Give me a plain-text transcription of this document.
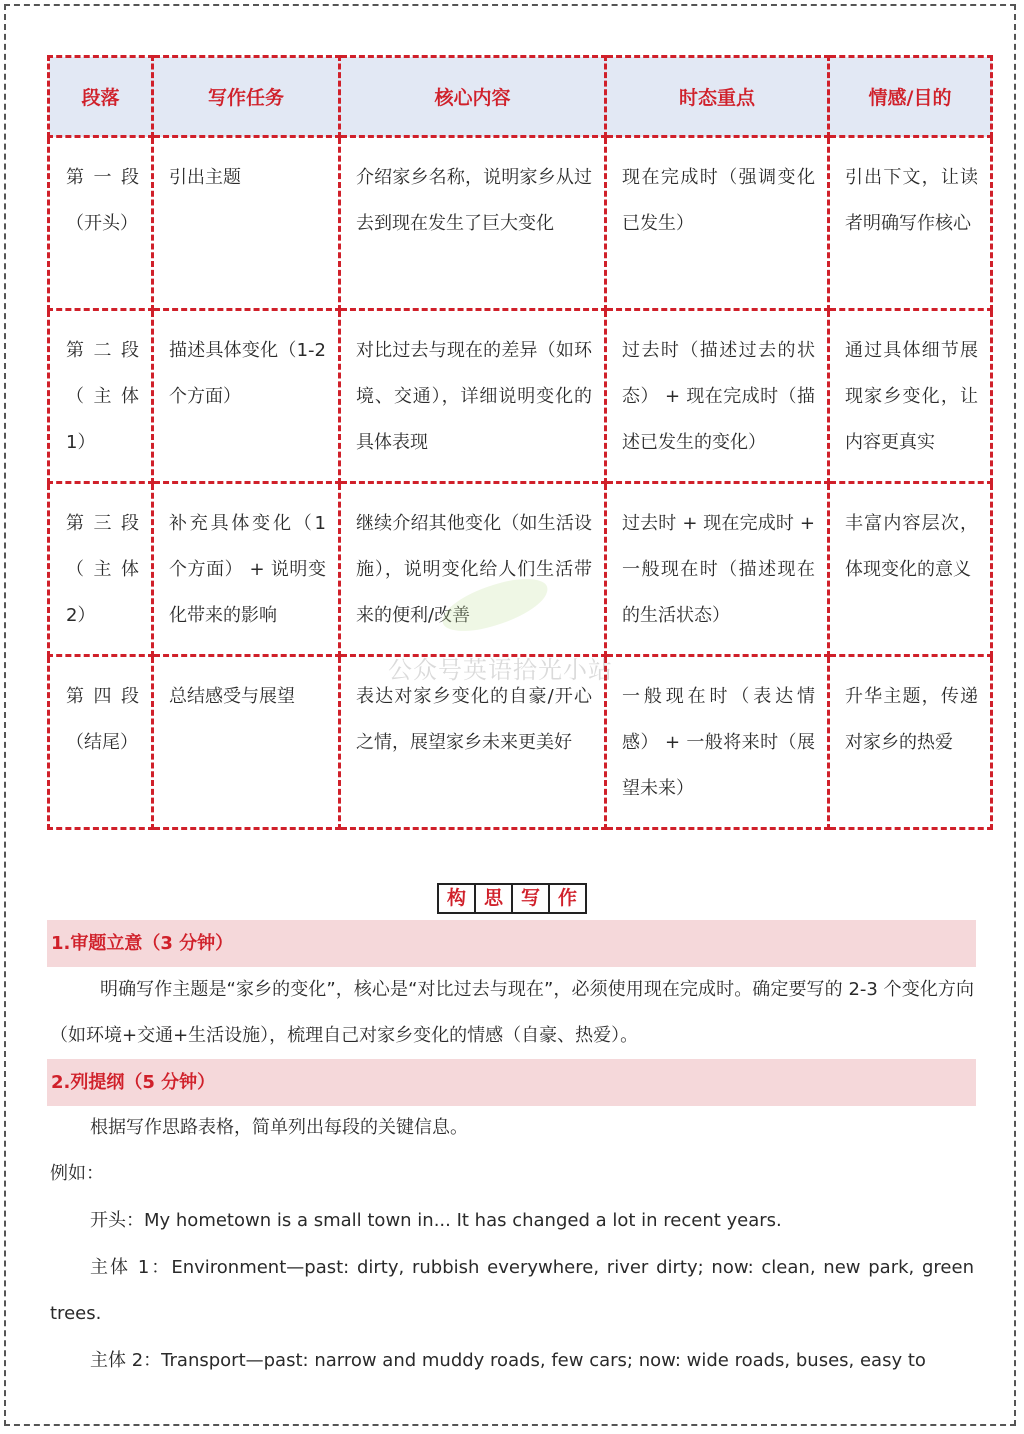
段落	写作任务	核心内容	时态重点	情感/目的
第 一 段（开头）	引出主题	介绍家乡名称，说明家乡从过去到现在发生了巨大变化	现在完成时（强调变化已发生）	引出下文，让读者明确写作核心
第 二 段（主体 1）	描述具体变化（1-2 个方面）	对比过去与现在的差异（如环境、交通），详细说明变化的具体表现	过去时（描述过去的状态） + 现在完成时（描述已发生的变化）	通过具体细节展现家乡变化，让内容更真实
第 三 段（ 主 体 2）	补充具体变化（1 个方面） + 说明变化带来的影响	继续介绍其他变化（如生活设施），说明变化给人们生活带来的便利/改善	过去时 + 现在完成时 + 一般现在时（描述现在的生活状态）	丰富内容层次，体现变化的意义
第 四 段（结尾）	总结感受与展望	表达对家乡变化的自豪/开心之情，展望家乡未来更美好	一般现在时（表达情感） + 一般将来时（展望未来）	升华主题，传递对家乡的热爱
公众号英语拾光小站
构 思 写 作
1.审题立意（3 分钟）
明确写作主题是“家乡的变化”，核心是“对比过去与现在”，必须使用现在完成时。确定要写的 2-3 个变化方向（如环境+交通+生活设施），梳理自己对家乡变化的情感（自豪、热爱）。
2.列提纲（5 分钟）
根据写作思路表格，简单列出每段的关键信息。
例如：
开头：My hometown is a small town in... It has changed a lot in recent years.
主体 1：Environment—past: dirty, rubbish everywhere, river dirty; now: clean, new park, green trees.
主体 2：Transport—past: narrow and muddy roads, few cars; now: wide roads, buses, easy to
